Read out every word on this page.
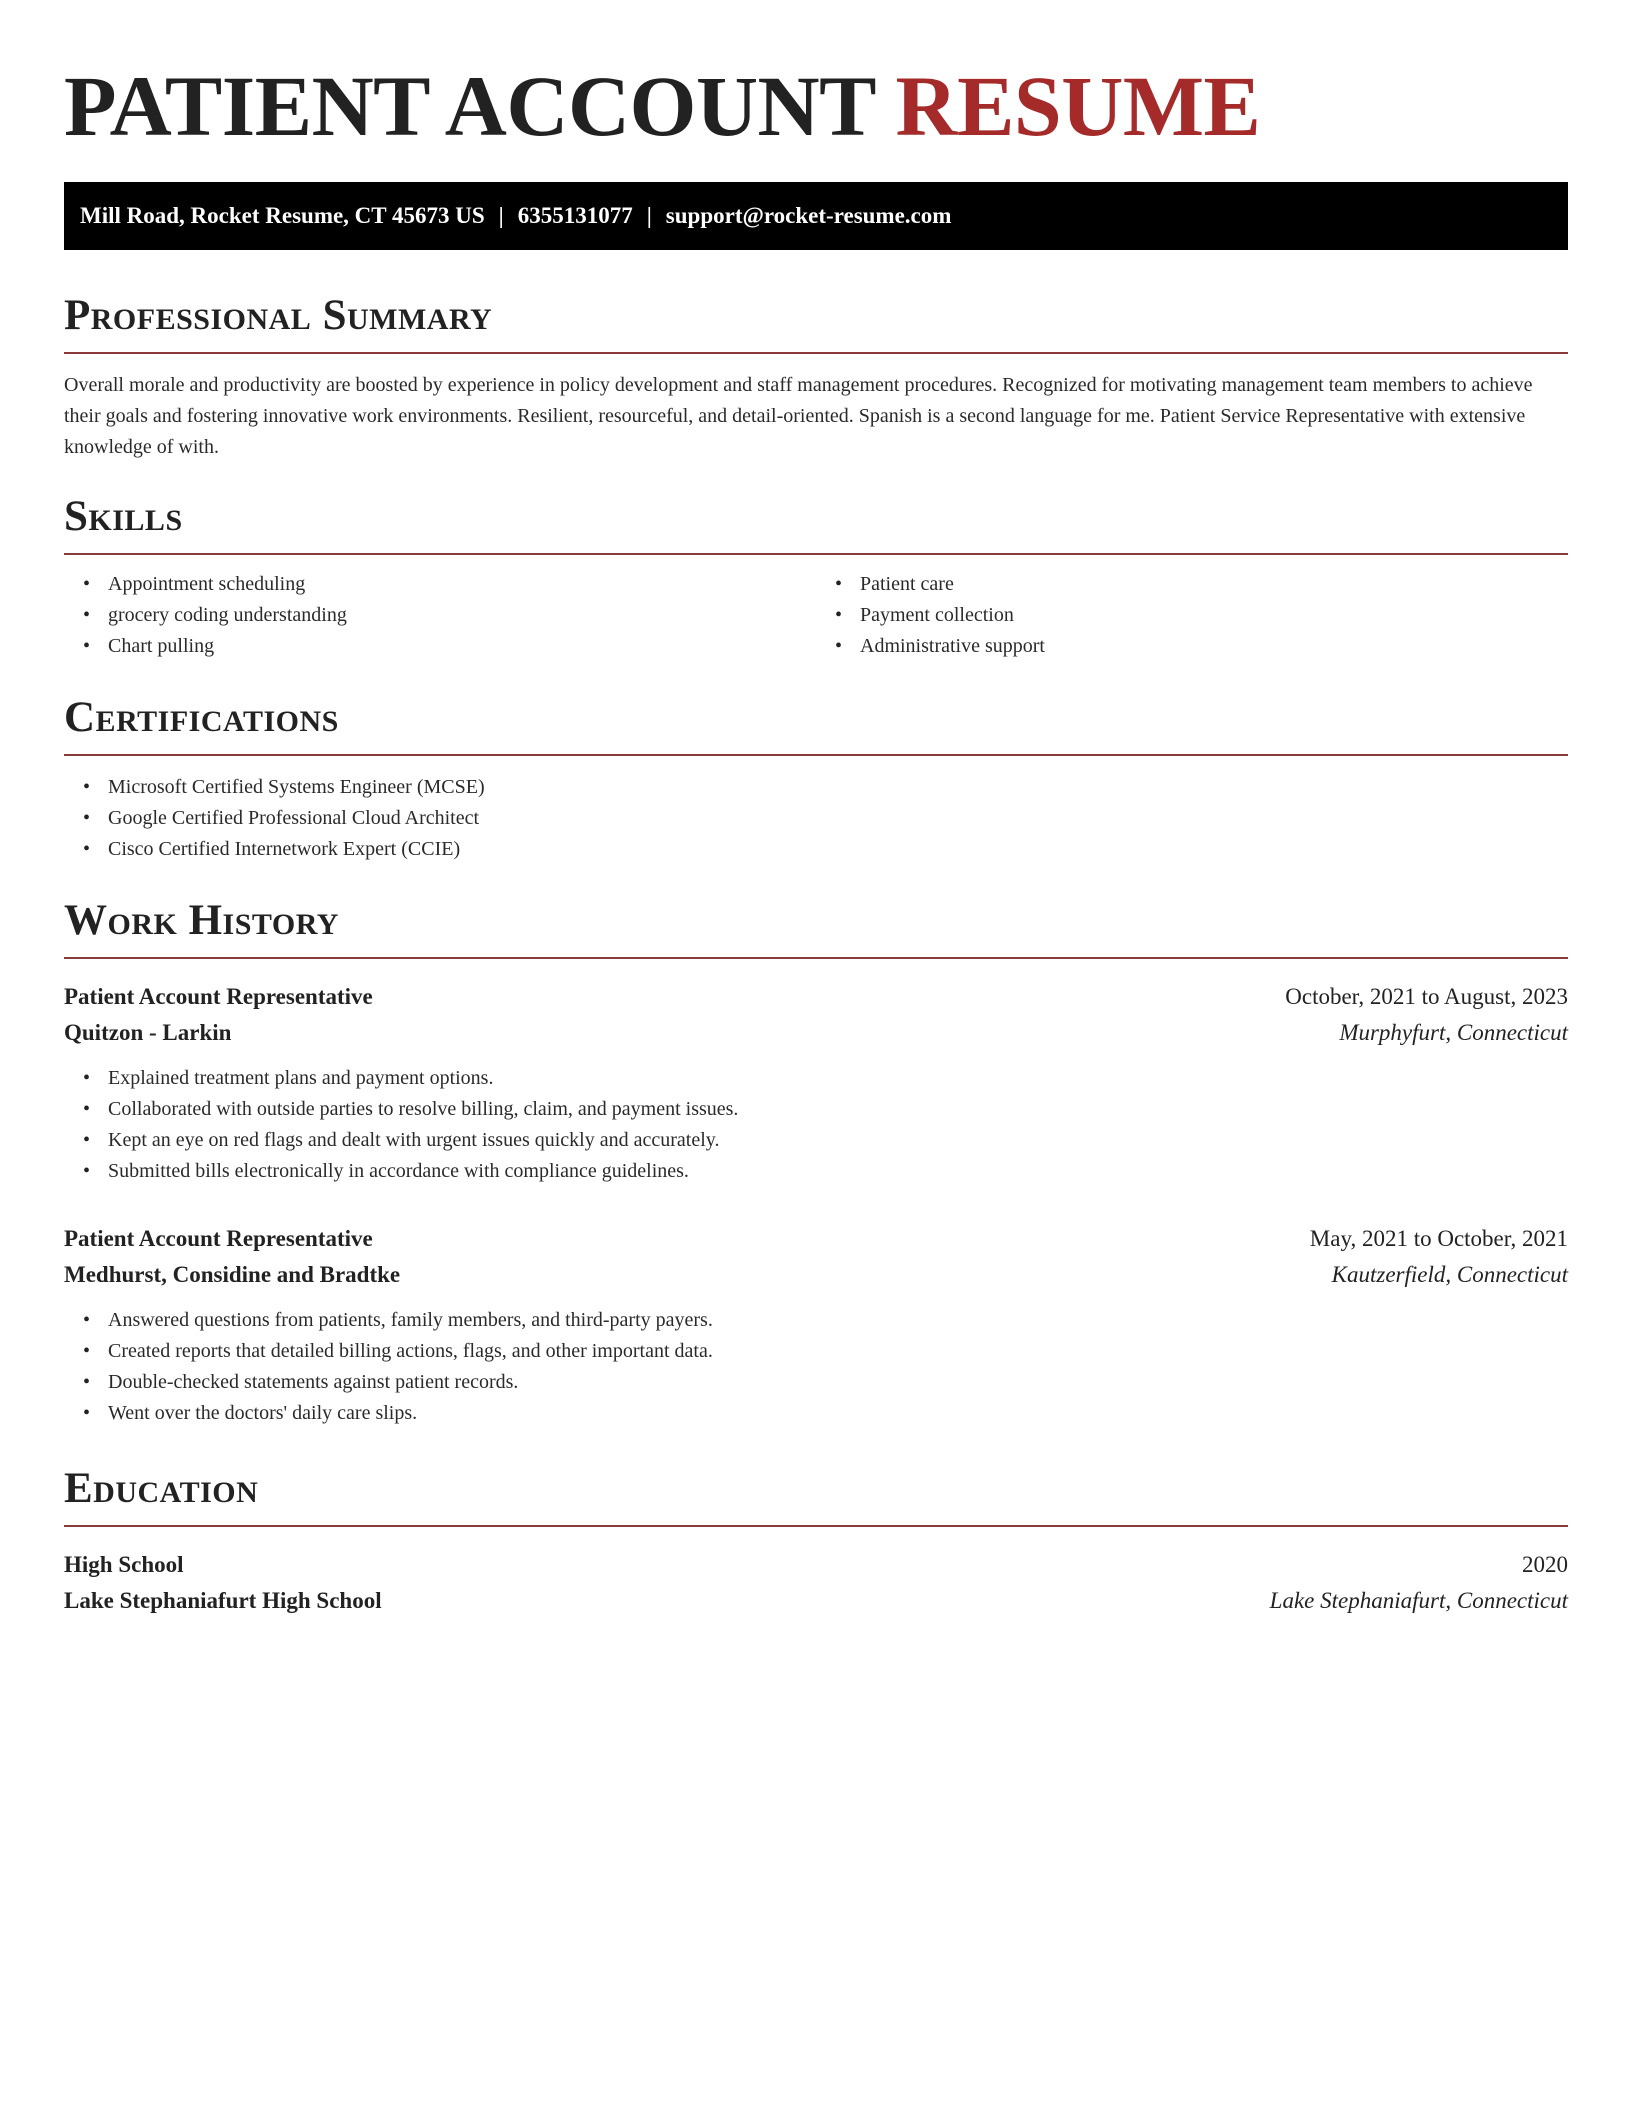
PATIENT ACCOUNT RESUME
Mill Road, Rocket Resume, CT 45673 US | 6355131077 | support@rocket-resume.com
Professional Summary

Overall morale and productivity are boosted by experience in policy development and staff management procedures. Recognized for motivating management team members to achieve their goals and fostering innovative work environments. Resilient, resourceful, and detail-oriented. Spanish is a second language for me. Patient Service Representative with extensive knowledge of with.

Skills
• Appointment scheduling
• grocery coding understanding
• Chart pulling
• Patient care
• Payment collection
• Administrative support
Certifications
• Microsoft Certified Systems Engineer (MCSE)
• Google Certified Professional Cloud Architect
• Cisco Certified Internetwork Expert (CCIE)
Work History
Patient Account Representative	October, 2021 to August, 2023
Quitzon - Larkin	Murphyfurt, Connecticut
• Explained treatment plans and payment options.
• Collaborated with outside parties to resolve billing, claim, and payment issues.
• Kept an eye on red flags and dealt with urgent issues quickly and accurately.
• Submitted bills electronically in accordance with compliance guidelines.
Patient Account Representative	May, 2021 to October, 2021
Medhurst, Considine and Bradtke	Kautzerfield, Connecticut
• Answered questions from patients, family members, and third-party payers.
• Created reports that detailed billing actions, flags, and other important data.
• Double-checked statements against patient records.
• Went over the doctors' daily care slips.
Education
High School	2020
Lake Stephaniafurt High School	Lake Stephaniafurt, Connecticut
